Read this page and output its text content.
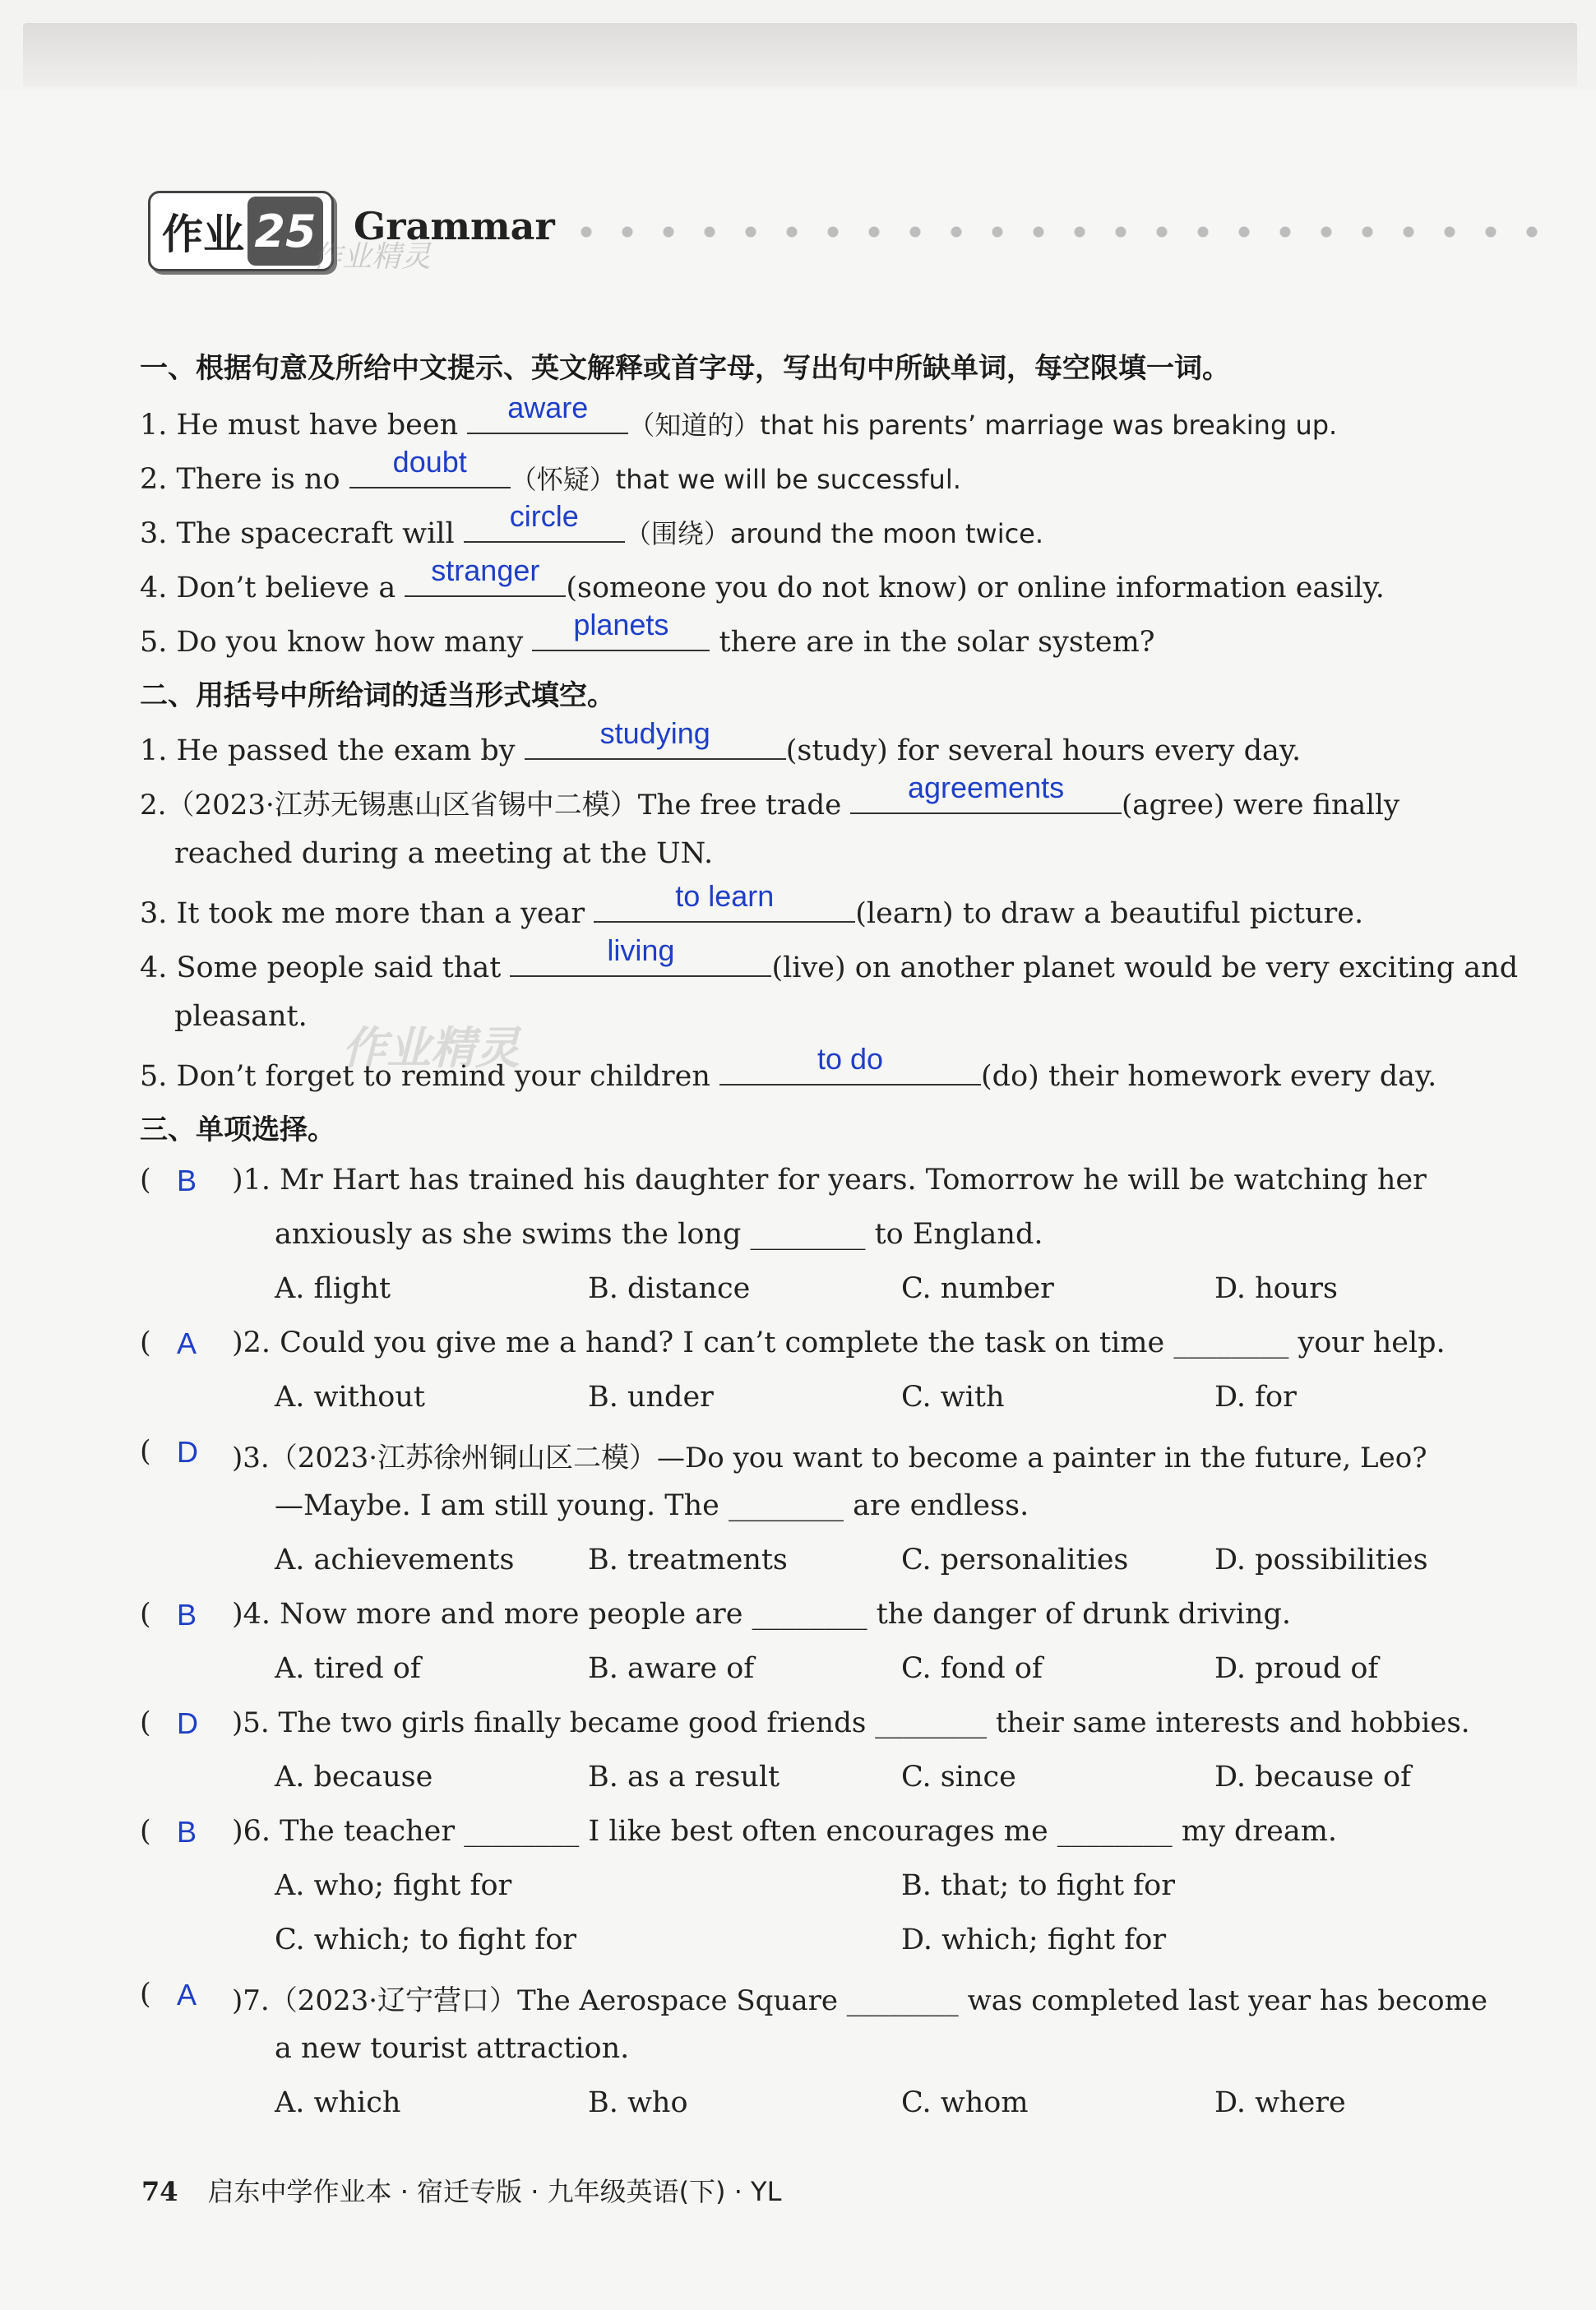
作业 25 Grammar
作业精灵
一、根据句意及所给中文提示、英文解释或首字母，写出句中所缺单词，每空限填一词。
1. He must have been
aware
（知道的）that his parents’ marriage was breaking up.
2. There is no
doubt
（怀疑）that we will be successful.
3. The spacecraft will
circle
（围绕）around the moon twice.
4. Don’t believe a
stranger
(someone you do not know) or online information easily.
5. Do you know how many
planets
there are in the solar system?
二、用括号中所给词的适当形式填空。
1. He passed the exam by
studying
(study) for several hours every day.
2.（2023·江苏无锡惠山区省锡中二模）The free trade
agreements
(agree) were finally
reached during a meeting at the UN.
3. It took me more than a year
to learn
(learn) to draw a beautiful picture.
4. Some people said that
living
(live) on another planet would be very exciting and
pleasant.
作业精灵
5. Don’t forget to remind your children
to do
(do) their homework every day.
三、单项选择。
( B )1. Mr Hart has trained his daughter for years. Tomorrow he will be watching her
anxiously as she swims the long ________ to England.
A. flight	B. distance	C. number	D. hours
( A )2. Could you give me a hand? I can’t complete the task on time ________ your help.
A. without	B. under	C. with	D. for
( D )3.（2023·江苏徐州铜山区二模）—Do you want to become a painter in the future, Leo?
—Maybe. I am still young. The ________ are endless.
A. achievements	B. treatments	C. personalities	D. possibilities
( B )4. Now more and more people are ________ the danger of drunk driving.
A. tired of	B. aware of	C. fond of	D. proud of
( D )5. The two girls finally became good friends ________ their same interests and hobbies.
A. because	B. as a result	C. since	D. because of
( B )6. The teacher ________ I like best often encourages me ________ my dream.
A. who; fight for	B. that; to fight for
C. which; to fight for	D. which; fight for
( A )7.（2023·辽宁营口）The Aerospace Square ________ was completed last year has become
a new tourist attraction.
A. which	B. who	C. whom	D. where
74 启东中学作业本 · 宿迁专版 · 九年级英语(下) · YL
